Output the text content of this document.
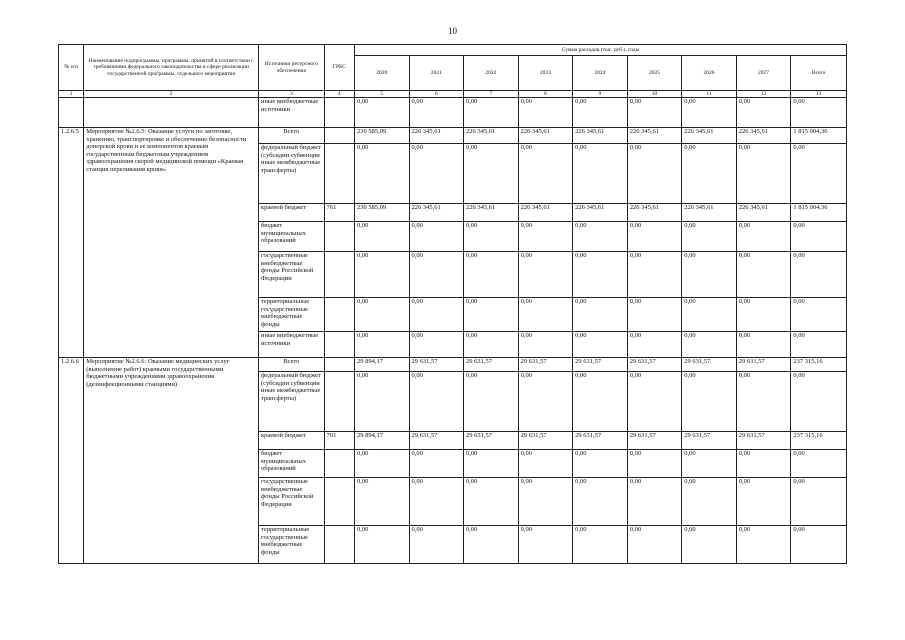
10
№ п/п	Наименование подпрограммы, программы, принятой в соответствии с требованиями федерального законодательства в сфере реализации государственной программы, отдельного мероприятия	Источники ресурсного обеспечения	ГРБС	Сумма расходов (тыс. руб.), годы								
				2020	2021	2022	2023	2024	2025	2026	2027	Всего
1	2	3	4	5	6	7	8	9	10	11	12	13
		иные внебюджетные источники		0,00	0,00	0,00	0,00	0,00	0,00	0,00	0,00	0,00
1.2.6.5	Мероприятие №2.6.5: Оказание услуги по заготовке, хранению, транспортировке и обеспечению безопасности донорской крови и ее компонентов краевым государственным бюджетным учреждением здравоохранения скорой медицинской помощи «Краевая станция переливания крови»	Всего		230 585,09	226 345,61	226 345,61	226 345,61	226 345,61	226 345,61	226 345,61	226 345,61	1 815 004,36
		федеральный бюджет (субсидии субвенции иные межбюджетные трансферты)		0,00	0,00	0,00	0,00	0,00	0,00	0,00	0,00	0,00
		краевой бюджет	761	230 585,09	226 345,61	226 345,61	226 345,61	226 345,61	226 345,61	226 345,61	226 345,61	1 815 004,36
		бюджет муниципальных образований		0,00	0,00	0,00	0,00	0,00	0,00	0,00	0,00	0,00
		государственные внебюджетные фонды Российской Федерации		0,00	0,00	0,00	0,00	0,00	0,00	0,00	0,00	0,00
		территориальные государственные внебюджетные фонды		0,00	0,00	0,00	0,00	0,00	0,00	0,00	0,00	0,00
		иные внебюджетные источники		0,00	0,00	0,00	0,00	0,00	0,00	0,00	0,00	0,00
1.2.6.6	Мероприятие №2.6.6: Оказание медицинских услуг (выполнение работ) краевыми государственными бюджетными учреждениями здравоохранения (дезинфекционными станциями)	Всего		29 894,17	29 631,57	29 631,57	29 631,57	29 631,57	29 631,57	29 631,57	29 631,57	237 315,16
		федеральный бюджет (субсидии субвенции иные межбюджетные трансферты)		0,00	0,00	0,00	0,00	0,00	0,00	0,00	0,00	0,00
		краевой бюджет	761	29 894,17	29 631,57	29 631,57	29 631,57	29 631,57	29 631,57	29 631,57	29 631,57	237 315,16
		бюджет муниципальных образований		0,00	0,00	0,00	0,00	0,00	0,00	0,00	0,00	0,00
		государственные внебюджетные фонды Российской Федерации		0,00	0,00	0,00	0,00	0,00	0,00	0,00	0,00	0,00
		территориальные государственные внебюджетные фонды		0,00	0,00	0,00	0,00	0,00	0,00	0,00	0,00	0,00
